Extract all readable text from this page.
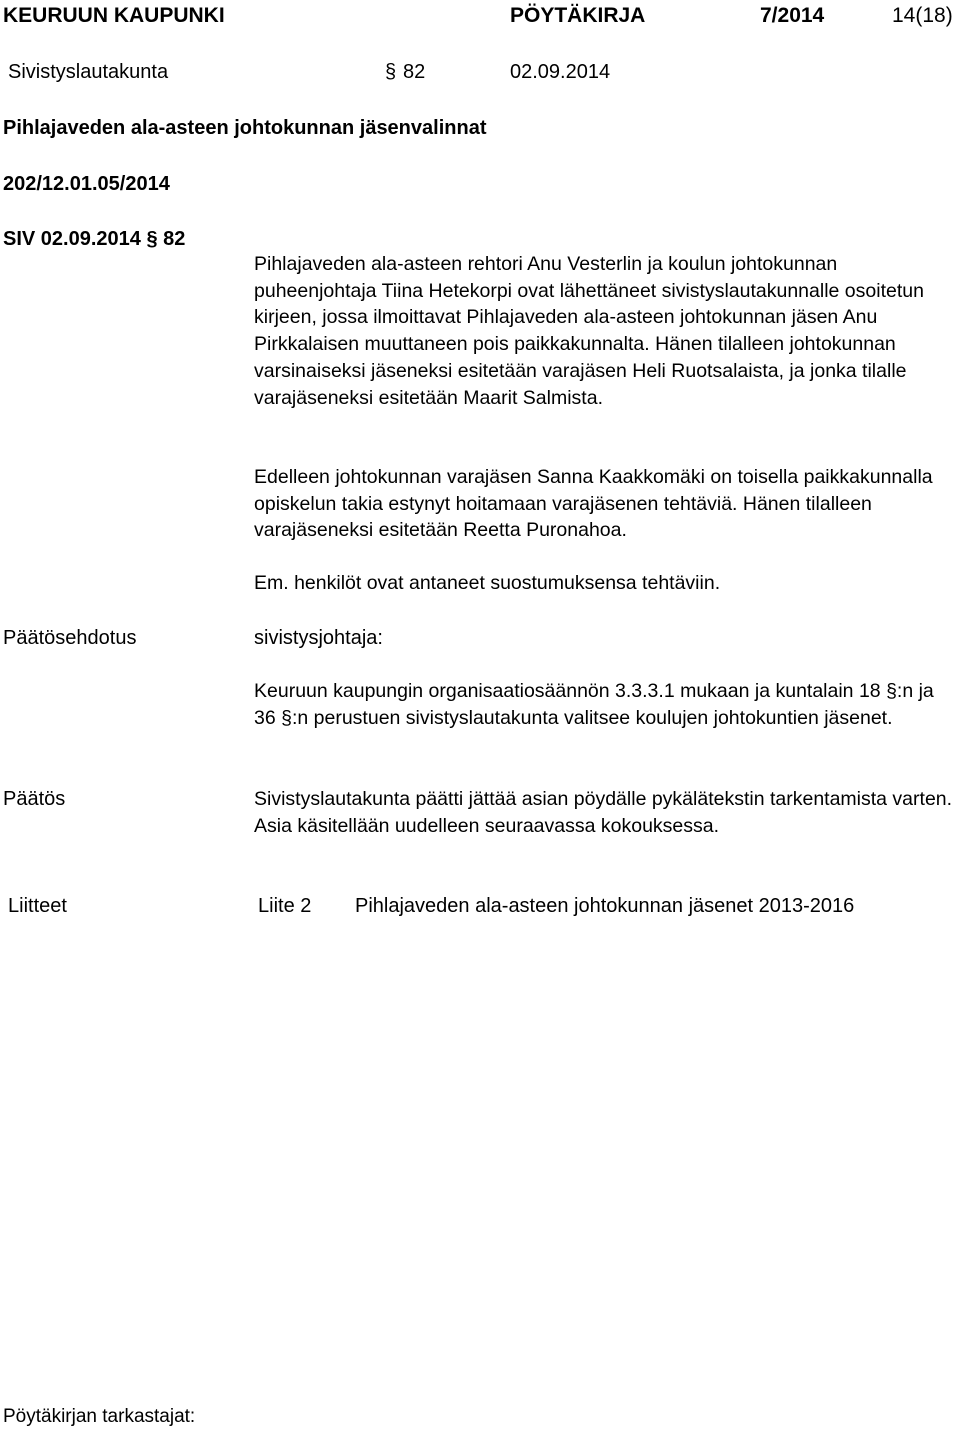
KEURUUN KAUPUNKI	PÖYTÄKIRJA	7/2014	14(18)
Sivistyslautakunta	§ 82	02.09.2014
Pihlajaveden ala-asteen johtokunnan jäsenvalinnat
202/12.01.05/2014
SIV 02.09.2014 § 82
Pihlajaveden ala-asteen rehtori Anu Vesterlin ja koulun johtokunnan puheenjohtaja Tiina Hetekorpi ovat lähettäneet sivistyslautakunnalle osoitetun kirjeen, jossa ilmoittavat Pihlajaveden ala-asteen johtokunnan jäsen Anu Pirkkalaisen muuttaneen pois paikkakunnalta. Hänen tilalleen johtokunnan varsinaiseksi jäseneksi esitetään varajäsen Heli Ruotsalaista, ja jonka tilalle varajäseneksi esitetään Maarit Salmista.
Edelleen johtokunnan varajäsen Sanna Kaakkomäki on toisella paikkakunnalla opiskelun takia estynyt hoitamaan varajäsenen tehtäviä. Hänen tilalleen varajäseneksi esitetään Reetta Puronahoa.
Em. henkilöt ovat antaneet suostumuksensa tehtäviin.
Päätösehdotus	sivistysjohtaja:
Keuruun kaupungin organisaatiosäännön 3.3.3.1 mukaan ja kuntalain 18 §:n ja 36 §:n perustuen sivistyslautakunta valitsee koulujen johtokuntien jäsenet.
Päätös	Sivistyslautakunta päätti jättää asian pöydälle pykälätekstin tarkentamista varten. Asia käsitellään uudelleen seuraavassa kokouksessa.
Liitteet	Liite 2 Pihlajaveden ala-asteen johtokunnan jäsenet 2013-2016
Pöytäkirjan tarkastajat:
